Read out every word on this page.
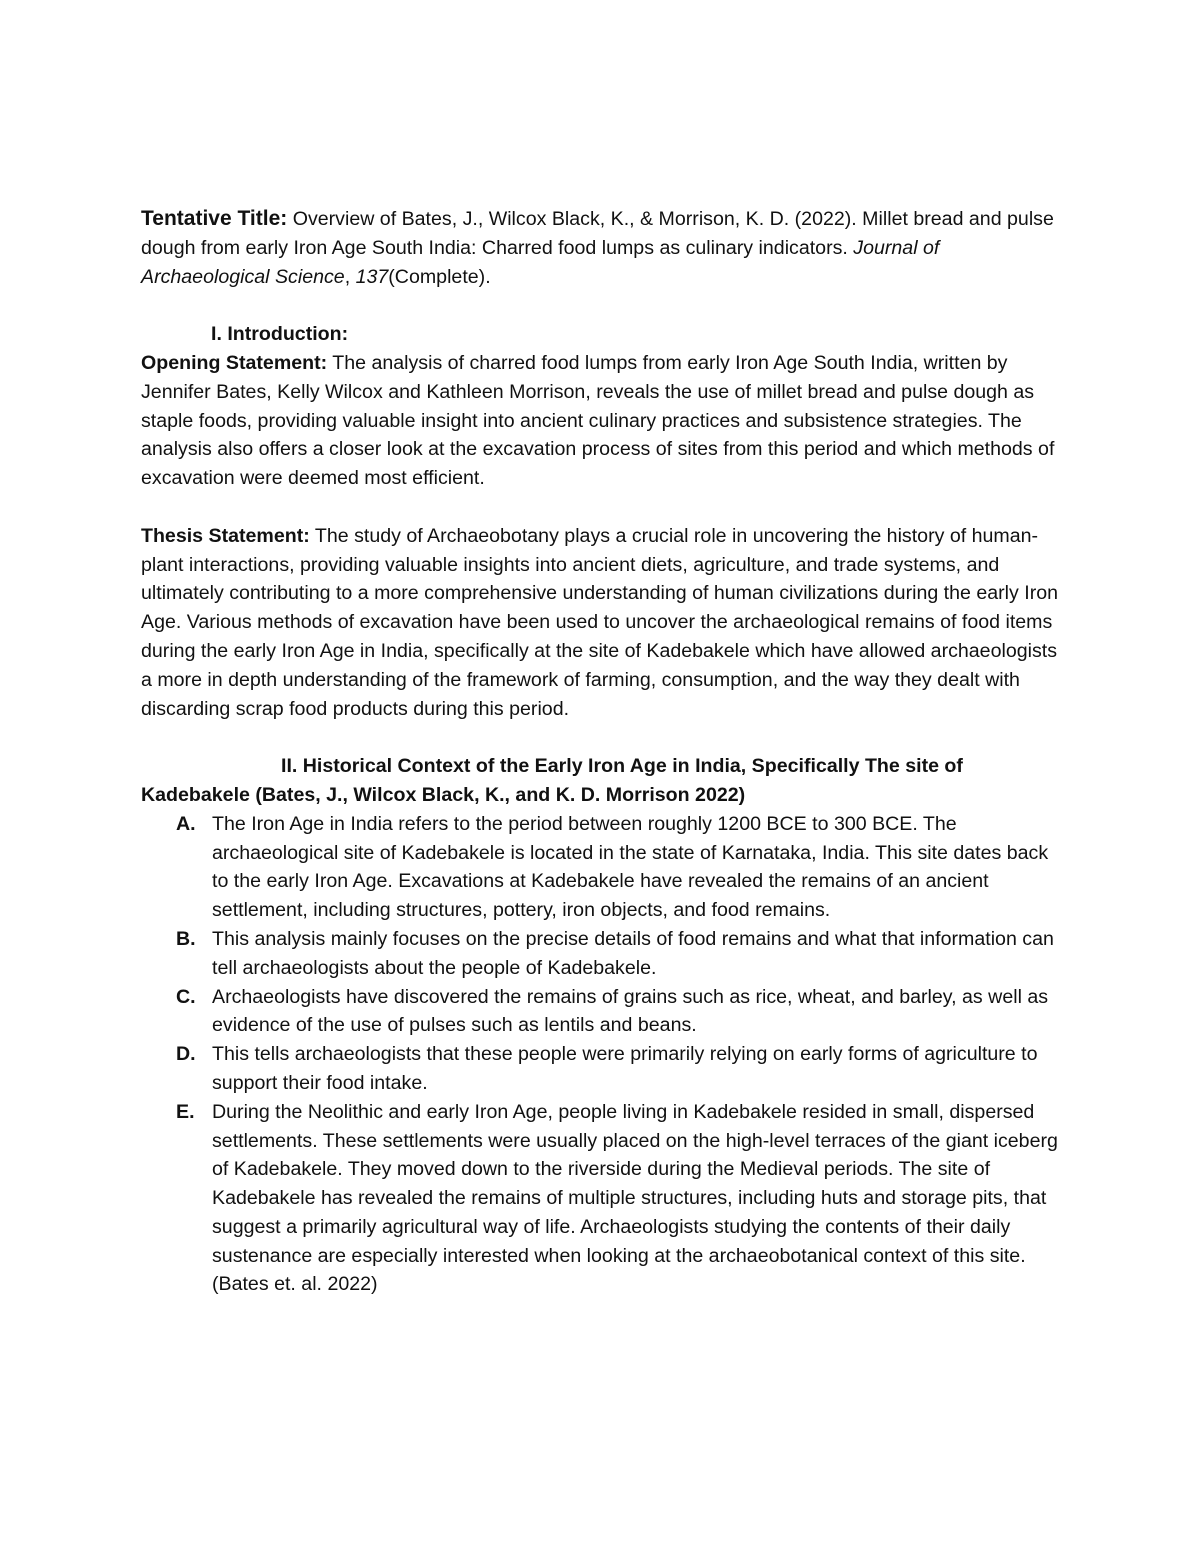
Tentative Title: Overview of Bates, J., Wilcox Black, K., & Morrison, K. D. (2022). Millet bread and pulse dough from early Iron Age South India: Charred food lumps as culinary indicators. Journal of Archaeological Science, 137(Complete).

I. Introduction:

Opening Statement: The analysis of charred food lumps from early Iron Age South India, written by Jennifer Bates, Kelly Wilcox and Kathleen Morrison, reveals the use of millet bread and pulse dough as staple foods, providing valuable insight into ancient culinary practices and subsistence strategies. The analysis also offers a closer look at the excavation process of sites from this period and which methods of excavation were deemed most efficient.

Thesis Statement: The study of Archaeobotany plays a crucial role in uncovering the history of human-plant interactions, providing valuable insights into ancient diets, agriculture, and trade systems, and ultimately contributing to a more comprehensive understanding of human civilizations during the early Iron Age. Various methods of excavation have been used to uncover the archaeological remains of food items during the early Iron Age in India, specifically at the site of Kadebakele which have allowed archaeologists a more in depth understanding of the framework of farming, consumption, and the way they dealt with discarding scrap food products during this period.

II. Historical Context of the Early Iron Age in India, Specifically The site of
Kadebakele (Bates, J., Wilcox Black, K., and K. D. Morrison 2022)

A. The Iron Age in India refers to the period between roughly 1200 BCE to 300 BCE. The archaeological site of Kadebakele is located in the state of Karnataka, India. This site dates back to the early Iron Age. Excavations at Kadebakele have revealed the remains of an ancient settlement, including structures, pottery, iron objects, and food remains.
B. This analysis mainly focuses on the precise details of food remains and what that information can tell archaeologists about the people of Kadebakele.
C. Archaeologists have discovered the remains of grains such as rice, wheat, and barley, as well as evidence of the use of pulses such as lentils and beans.
D. This tells archaeologists that these people were primarily relying on early forms of agriculture to support their food intake.
E. During the Neolithic and early Iron Age, people living in Kadebakele resided in small, dispersed settlements. These settlements were usually placed on the high-level terraces of the giant iceberg of Kadebakele. They moved down to the riverside during the Medieval periods. The site of Kadebakele has revealed the remains of multiple structures, including huts and storage pits, that suggest a primarily agricultural way of life. Archaeologists studying the contents of their daily sustenance are especially interested when looking at the archaeobotanical context of this site. (Bates et. al. 2022)
